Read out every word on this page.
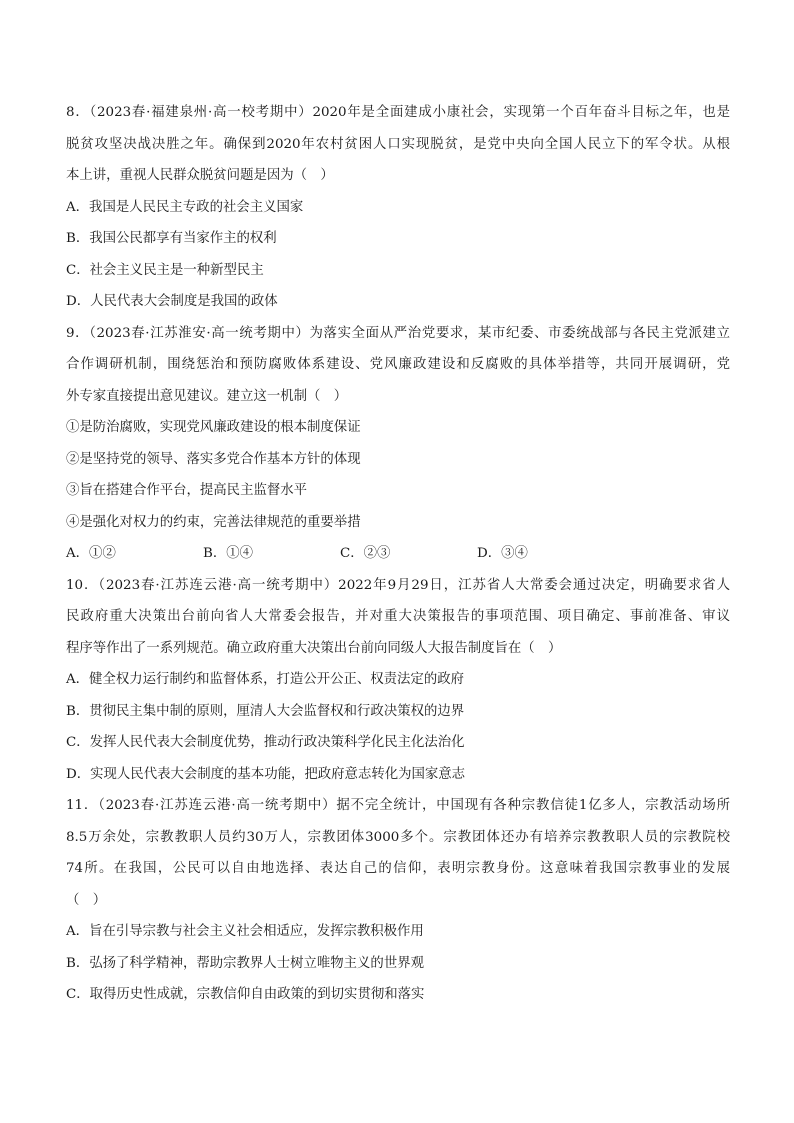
8．（2023春·福建泉州·高一校考期中）2020年是全面建成小康社会，实现第一个百年奋斗目标之年，也是
脱贫攻坚决战决胜之年。确保到2020年农村贫困人口实现脱贫，是党中央向全国人民立下的军令状。从根
本上讲，重视人民群众脱贫问题是因为（　）
A．我国是人民民主专政的社会主义国家
B．我国公民都享有当家作主的权利
C．社会主义民主是一种新型民主
D．人民代表大会制度是我国的政体
9．（2023春·江苏淮安·高一统考期中）为落实全面从严治党要求，某市纪委、市委统战部与各民主党派建立
合作调研机制，围绕惩治和预防腐败体系建设、党风廉政建设和反腐败的具体举措等，共同开展调研，党
外专家直接提出意见建议。建立这一机制（　）
①是防治腐败，实现党风廉政建设的根本制度保证
②是坚持党的领导、落实多党合作基本方针的体现
③旨在搭建合作平台，提高民主监督水平
④是强化对权力的约束，完善法律规范的重要举措
A．①②	B．①④	C．②③	D．③④
10．（2023春·江苏连云港·高一统考期中）2022年9月29日，江苏省人大常委会通过决定，明确要求省人
民政府重大决策出台前向省人大常委会报告，并对重大决策报告的事项范围、项目确定、事前准备、审议
程序等作出了一系列规范。确立政府重大决策出台前向同级人大报告制度旨在（　）
A．健全权力运行制约和监督体系，打造公开公正、权责法定的政府
B．贯彻民主集中制的原则，厘清人大会监督权和行政决策权的边界
C．发挥人民代表大会制度优势，推动行政决策科学化民主化法治化
D．实现人民代表大会制度的基本功能，把政府意志转化为国家意志
11．（2023春·江苏连云港·高一统考期中）据不完全统计，中国现有各种宗教信徒1亿多人，宗教活动场所
8.5万余处，宗教教职人员约30万人，宗教团体3000多个。宗教团体还办有培养宗教教职人员的宗教院校
74所。在我国，公民可以自由地选择、表达自己的信仰，表明宗教身份。这意味着我国宗教事业的发展
（　）
A．旨在引导宗教与社会主义社会相适应，发挥宗教积极作用
B．弘扬了科学精神，帮助宗教界人士树立唯物主义的世界观
C．取得历史性成就，宗教信仰自由政策的到切实贯彻和落实
